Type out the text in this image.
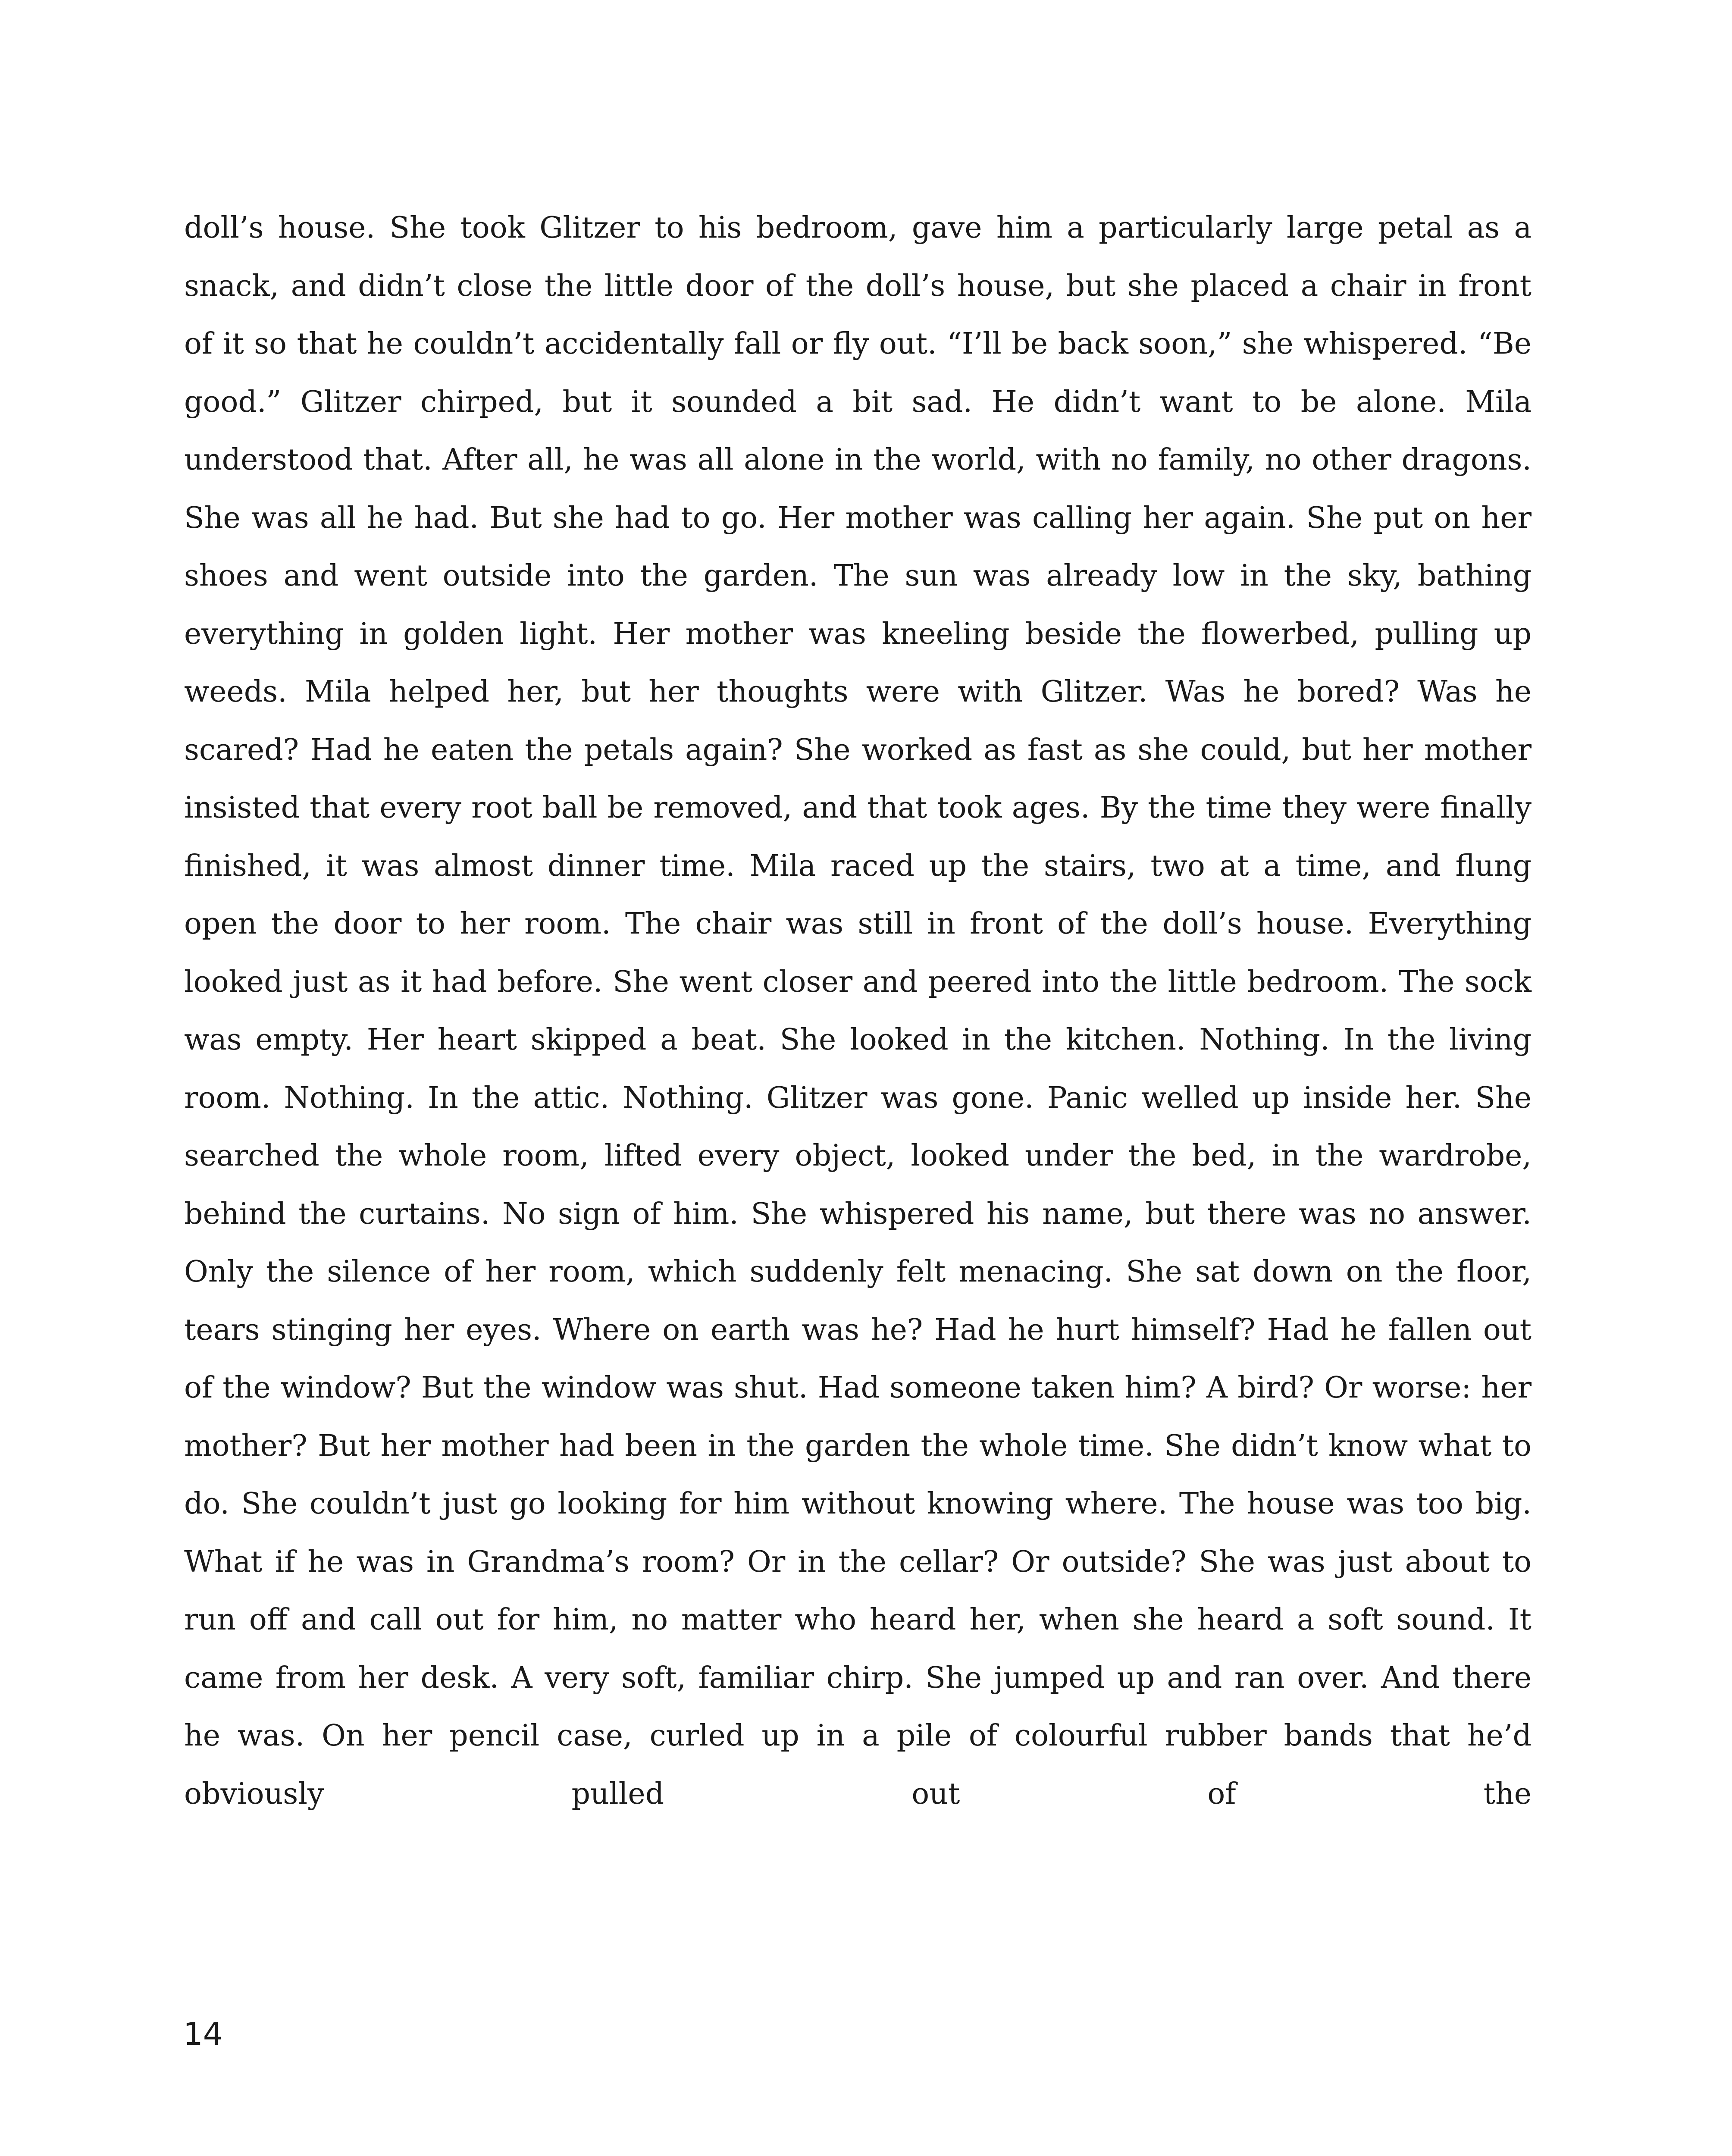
doll’s house. She took Glitzer to his bedroom, gave him a particularly large petal as a snack, and didn’t close the little door of the doll’s house, but she placed a chair in front of it so that he couldn’t accidentally fall or fly out. “I’ll be back soon,” she whispered. “Be good.” Glitzer chirped, but it sounded a bit sad. He didn’t want to be alone. Mila understood that. After all, he was all alone in the world, with no family, no other dragons. She was all he had. But she had to go. Her mother was calling her again. She put on her shoes and went outside into the garden. The sun was already low in the sky, bathing everything in golden light. Her mother was kneeling beside the flowerbed, pulling up weeds. Mila helped her, but her thoughts were with Glitzer. Was he bored? Was he scared? Had he eaten the petals again? She worked as fast as she could, but her mother insisted that every root ball be removed, and that took ages. By the time they were finally finished, it was almost dinner time. Mila raced up the stairs, two at a time, and flung open the door to her room. The chair was still in front of the doll’s house. Everything looked just as it had before. She went closer and peered into the little bedroom. The sock was empty. Her heart skipped a beat. She looked in the kitchen. Nothing. In the living room. Nothing. In the attic. Nothing. Glitzer was gone. Panic welled up inside her. She searched the whole room, lifted every object, looked under the bed, in the wardrobe, behind the curtains. No sign of him. She whispered his name, but there was no answer. Only the silence of her room, which suddenly felt menacing. She sat down on the floor, tears stinging her eyes. Where on earth was he? Had he hurt himself? Had he fallen out of the window? But the window was shut. Had someone taken him? A bird? Or worse: her mother? But her mother had been in the garden the whole time. She didn’t know what to do. She couldn’t just go looking for him without knowing where. The house was too big. What if he was in Grandma’s room? Or in the cellar? Or outside? She was just about to run off and call out for him, no matter who heard her, when she heard a soft sound. It came from her desk. A very soft, familiar chirp. She jumped up and ran over. And there he was. On her pencil case, curled up in a pile of colourful rubber bands that he’d obviously pulled out of the

14
